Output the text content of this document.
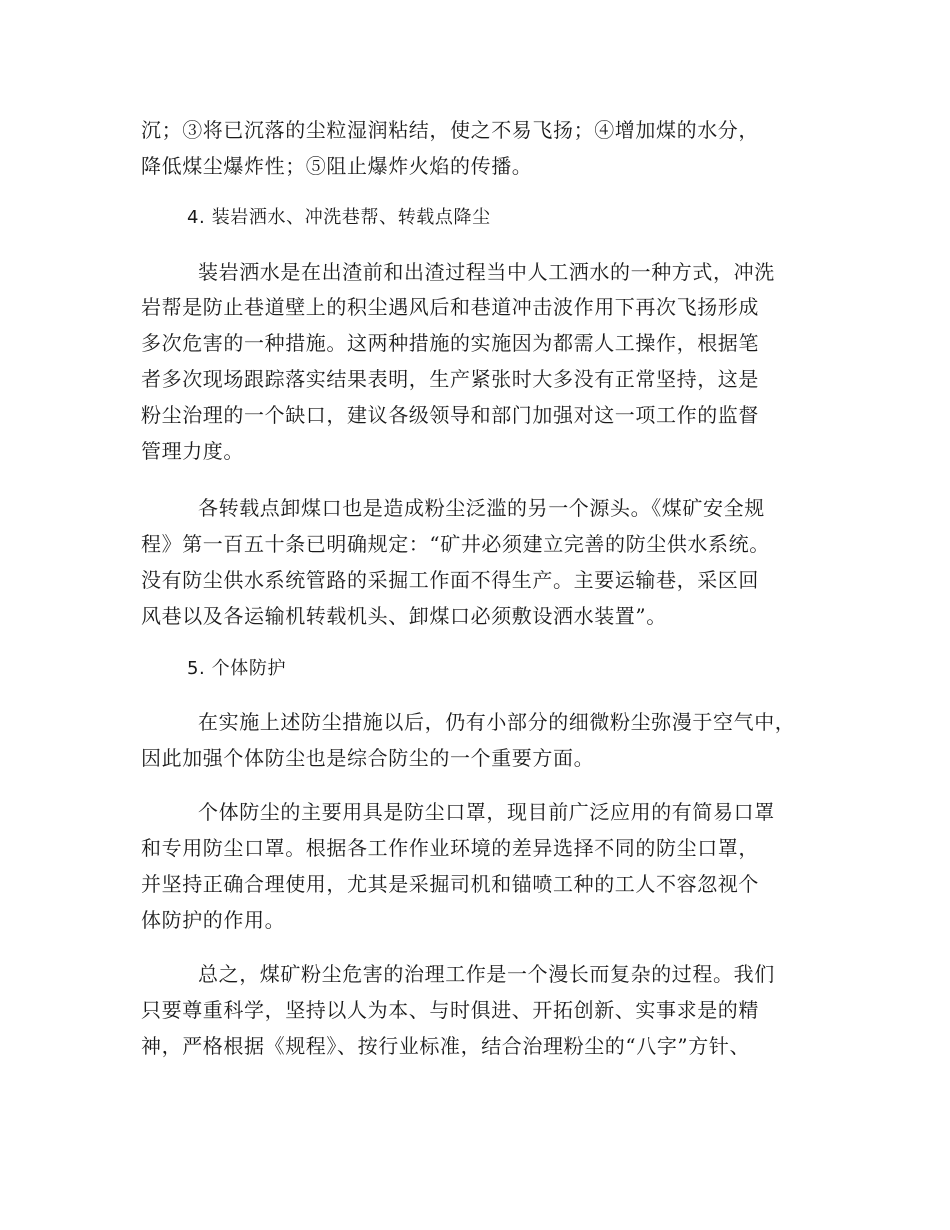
沉；③将已沉落的尘粒湿润粘结，使之不易飞扬；④增加煤的水分，
降低煤尘爆炸性；⑤阻止爆炸火焰的传播。
4. 装岩洒水、冲洗巷帮、转载点降尘
装岩洒水是在出渣前和出渣过程当中人工洒水的一种方式，冲洗
岩帮是防止巷道壁上的积尘遇风后和巷道冲击波作用下再次飞扬形成
多次危害的一种措施。这两种措施的实施因为都需人工操作，根据笔
者多次现场跟踪落实结果表明，生产紧张时大多没有正常坚持，这是
粉尘治理的一个缺口，建议各级领导和部门加强对这一项工作的监督
管理力度。
各转载点卸煤口也是造成粉尘泛滥的另一个源头。《煤矿安全规
程》第一百五十条已明确规定：“矿井必须建立完善的防尘供水系统。
没有防尘供水系统管路的采掘工作面不得生产。主要运输巷，采区回
风巷以及各运输机转载机头、卸煤口必须敷设洒水装置”。
5. 个体防护
在实施上述防尘措施以后，仍有小部分的细微粉尘弥漫于空气中，
因此加强个体防尘也是综合防尘的一个重要方面。
个体防尘的主要用具是防尘口罩，现目前广泛应用的有简易口罩
和专用防尘口罩。根据各工作作业环境的差异选择不同的防尘口罩，
并坚持正确合理使用，尤其是采掘司机和锚喷工种的工人不容忽视个
体防护的作用。
总之，煤矿粉尘危害的治理工作是一个漫长而复杂的过程。我们
只要尊重科学，坚持以人为本、与时俱进、开拓创新、实事求是的精
神，严格根据《规程》、按行业标准，结合治理粉尘的“八字”方针、
